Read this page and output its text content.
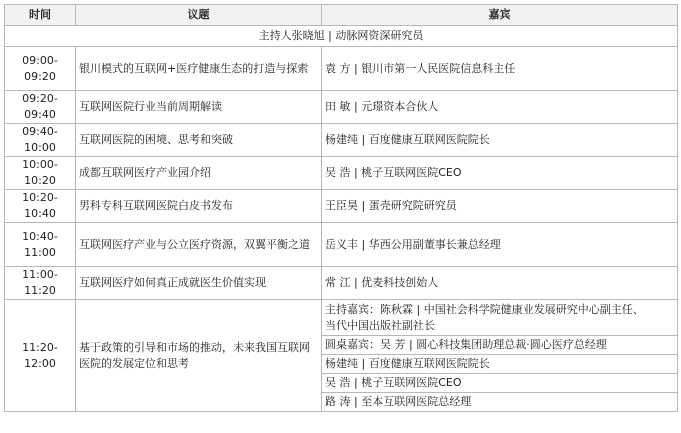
时间	议题	嘉宾
主持人张晓旭 | 动脉网资深研究员		
09:00-09:20	银川模式的互联网+医疗健康生态的打造与探索	袁 方 | 银川市第一人民医院信息科主任
09:20-09:40	互联网医院行业当前周期解读	田 敏 | 元璟资本合伙人
09:40-10:00	互联网医院的困境、思考和突破	杨建纯 | 百度健康互联网医院院长
10:00-10:20	成都互联网医疗产业园介绍	吴 浩 | 桃子互联网医院CEO
10:20-10:40	男科专科互联网医院白皮书发布	王臣昊 | 蛋壳研究院研究员
10:40-11:00	互联网医疗产业与公立医疗资源，双翼平衡之道	岳义丰 | 华西公用副董事长兼总经理
11:00-11:20	互联网医疗如何真正成就医生价值实现	常 江 | 优麦科技创始人
11:20-12:00	基于政策的引导和市场的推动，未来我国互联网医院的发展定位和思考	主持嘉宾：陈秋霖 | 中国社会科学院健康业发展研究中心副主任、
当代中国出版社副社长

		圆桌嘉宾：吴 芳 | 圆心科技集团助理总裁·圆心医疗总经理
		杨建纯 | 百度健康互联网医院院长
		吴 浩 | 桃子互联网医院CEO
		路 涛 | 至本互联网医院总经理
